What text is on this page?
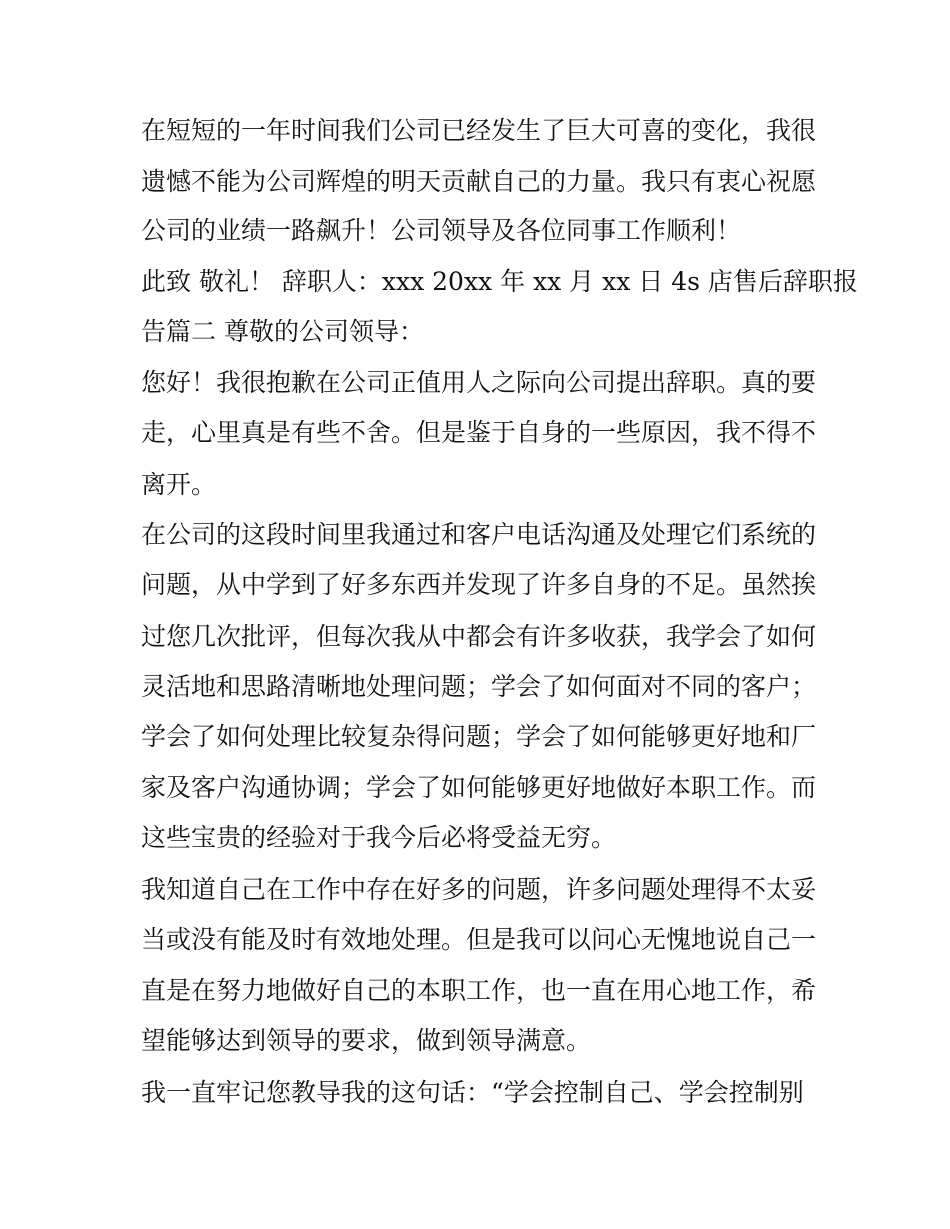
在短短的一年时间我们公司已经发生了巨大可喜的变化，我很
遗憾不能为公司辉煌的明天贡献自己的力量。我只有衷心祝愿
公司的业绩一路飙升！公司领导及各位同事工作顺利！
此致 敬礼！ 辞职人：xxx 20xx 年 xx 月 xx 日 4s 店售后辞职报
告篇二 尊敬的公司领导：
您好！我很抱歉在公司正值用人之际向公司提出辞职。真的要
走，心里真是有些不舍。但是鉴于自身的一些原因，我不得不
离开。
在公司的这段时间里我通过和客户电话沟通及处理它们系统的
问题，从中学到了好多东西并发现了许多自身的不足。虽然挨
过您几次批评，但每次我从中都会有许多收获，我学会了如何
灵活地和思路清晰地处理问题；学会了如何面对不同的客户；
学会了如何处理比较复杂得问题；学会了如何能够更好地和厂
家及客户沟通协调；学会了如何能够更好地做好本职工作。而
这些宝贵的经验对于我今后必将受益无穷。
我知道自己在工作中存在好多的问题，许多问题处理得不太妥
当或没有能及时有效地处理。但是我可以问心无愧地说自己一
直是在努力地做好自己的本职工作，也一直在用心地工作，希
望能够达到领导的要求，做到领导满意。
我一直牢记您教导我的这句话：“学会控制自己、学会控制别
